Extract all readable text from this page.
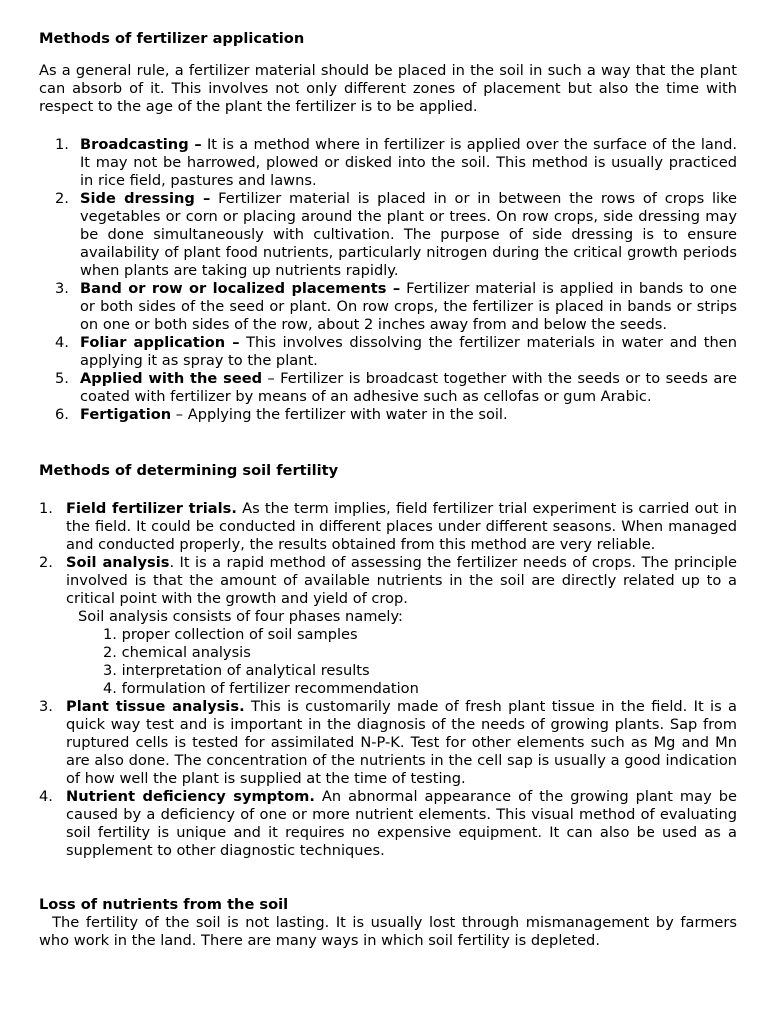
Methods of fertilizer application

As a general rule, a fertilizer material should be placed in the soil in such a way that the plant can absorb of it. This involves not only different zones of placement but also the time with respect to the age of the plant the fertilizer is to be applied.

1. Broadcasting – It is a method where in fertilizer is applied over the surface of the land. It may not be harrowed, plowed or disked into the soil. This method is usually practiced in rice field, pastures and lawns.
2. Side dressing – Fertilizer material is placed in or in between the rows of crops like vegetables or corn or placing around the plant or trees. On row crops, side dressing may be done simultaneously with cultivation. The purpose of side dressing is to ensure availability of plant food nutrients, particularly nitrogen during the critical growth periods when plants are taking up nutrients rapidly.
3. Band or row or localized placements – Fertilizer material is applied in bands to one or both sides of the seed or plant. On row crops, the fertilizer is placed in bands or strips on one or both sides of the row, about 2 inches away from and below the seeds.
4. Foliar application – This involves dissolving the fertilizer materials in water and then applying it as spray to the plant.
5. Applied with the seed – Fertilizer is broadcast together with the seeds or to seeds are coated with fertilizer by means of an adhesive such as cellofas or gum Arabic.
6. Fertigation – Applying the fertilizer with water in the soil.
Methods of determining soil fertility
1. Field fertilizer trials. As the term implies, field fertilizer trial experiment is carried out in the field. It could be conducted in different places under different seasons. When managed and conducted properly, the results obtained from this method are very reliable.
2. Soil analysis. It is a rapid method of assessing the fertilizer needs of crops. The principle involved is that the amount of available nutrients in the soil are directly related up to a critical point with the growth and yield of crop.
Soil analysis consists of four phases namely:
1. proper collection of soil samples
2. chemical analysis
3. interpretation of analytical results
4. formulation of fertilizer recommendation
3. Plant tissue analysis. This is customarily made of fresh plant tissue in the field. It is a quick way test and is important in the diagnosis of the needs of growing plants. Sap from ruptured cells is tested for assimilated N-P-K. Test for other elements such as Mg and Mn are also done. The concentration of the nutrients in the cell sap is usually a good indication of how well the plant is supplied at the time of testing.
4. Nutrient deficiency symptom. An abnormal appearance of the growing plant may be caused by a deficiency of one or more nutrient elements. This visual method of evaluating soil fertility is unique and it requires no expensive equipment. It can also be used as a supplement to other diagnostic techniques.
Loss of nutrients from the soil

The fertility of the soil is not lasting. It is usually lost through mismanagement by farmers who work in the land. There are many ways in which soil fertility is depleted.
